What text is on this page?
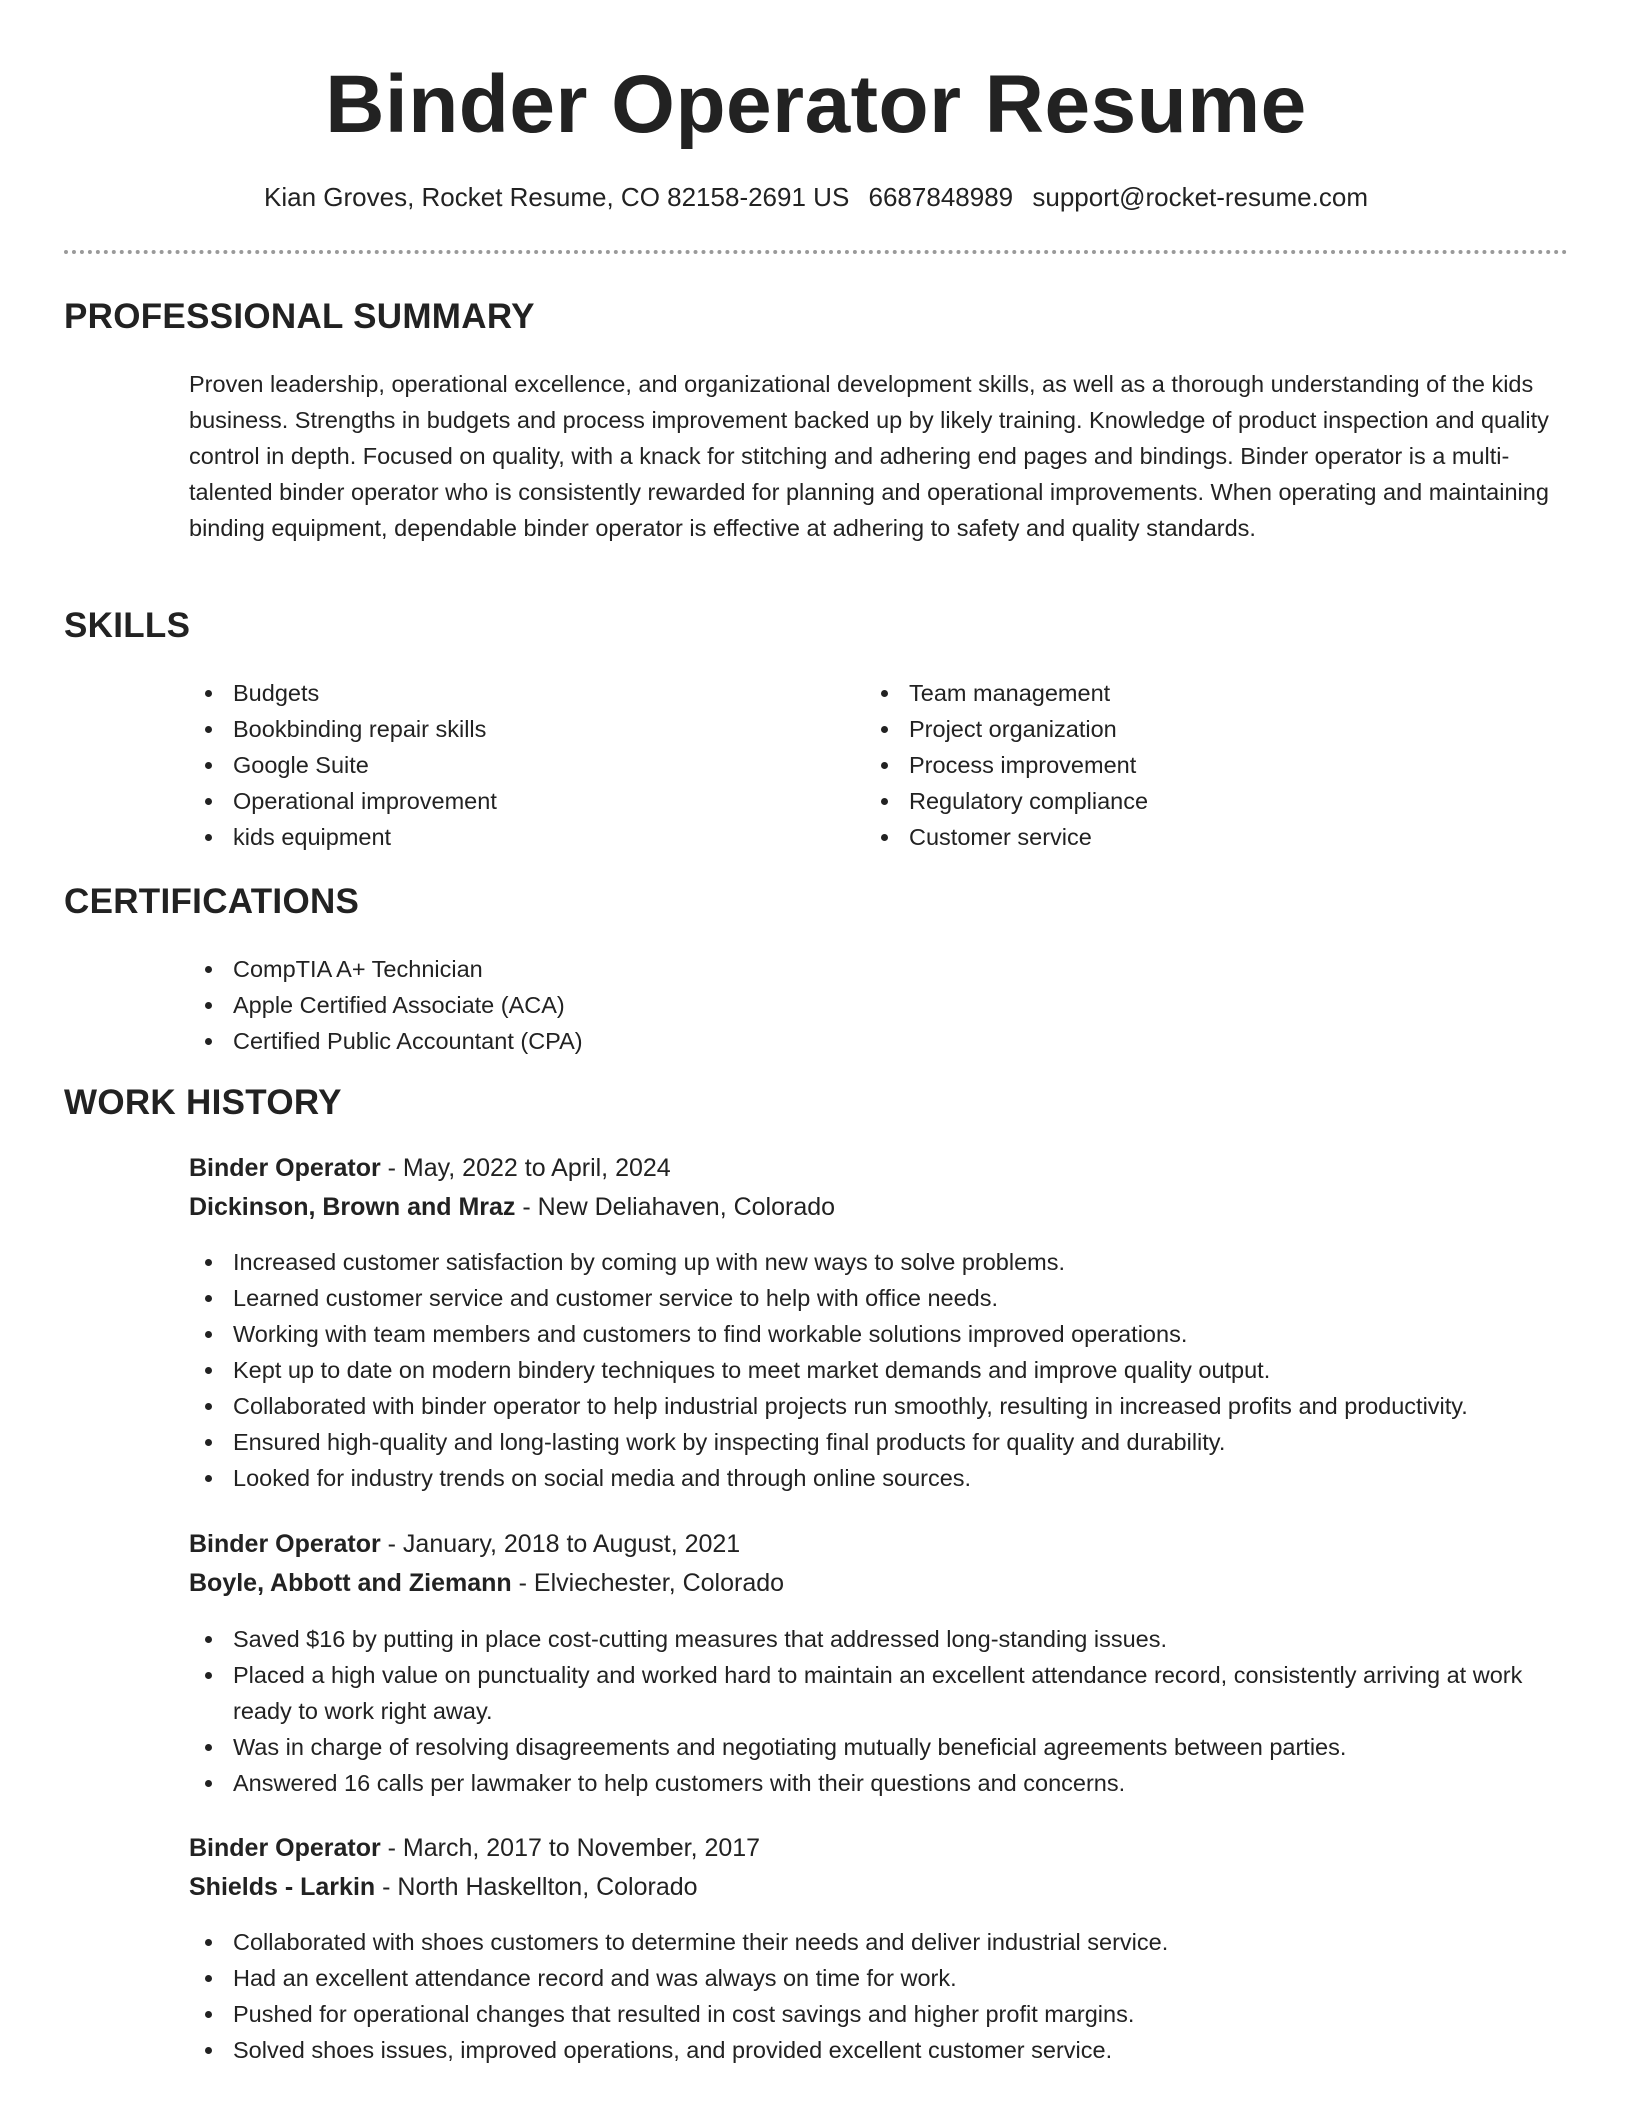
Binder Operator Resume
Kian Groves, Rocket Resume, CO 82158-2691 US 6687848989 support@rocket-resume.com
PROFESSIONAL SUMMARY

Proven leadership, operational excellence, and organizational development skills, as well as a thorough understanding of the kids business. Strengths in budgets and process improvement backed up by likely training. Knowledge of product inspection and quality control in depth. Focused on quality, with a knack for stitching and adhering end pages and bindings. Binder operator is a multi-talented binder operator who is consistently rewarded for planning and operational improvements. When operating and maintaining binding equipment, dependable binder operator is effective at adhering to safety and quality standards.

SKILLS
Budgets
Bookbinding repair skills
Google Suite
Operational improvement
kids equipment
Team management
Project organization
Process improvement
Regulatory compliance
Customer service
CERTIFICATIONS
CompTIA A+ Technician
Apple Certified Associate (ACA)
Certified Public Accountant (CPA)
WORK HISTORY
Binder Operator - May, 2022 to April, 2024
Dickinson, Brown and Mraz - New Deliahaven, Colorado
Increased customer satisfaction by coming up with new ways to solve problems.
Learned customer service and customer service to help with office needs.
Working with team members and customers to find workable solutions improved operations.
Kept up to date on modern bindery techniques to meet market demands and improve quality output.
Collaborated with binder operator to help industrial projects run smoothly, resulting in increased profits and productivity.
Ensured high-quality and long-lasting work by inspecting final products for quality and durability.
Looked for industry trends on social media and through online sources.
Binder Operator - January, 2018 to August, 2021
Boyle, Abbott and Ziemann - Elviechester, Colorado
Saved $16 by putting in place cost-cutting measures that addressed long-standing issues.
Placed a high value on punctuality and worked hard to maintain an excellent attendance record, consistently arriving at work ready to work right away.
Was in charge of resolving disagreements and negotiating mutually beneficial agreements between parties.
Answered 16 calls per lawmaker to help customers with their questions and concerns.
Binder Operator - March, 2017 to November, 2017
Shields - Larkin - North Haskellton, Colorado
Collaborated with shoes customers to determine their needs and deliver industrial service.
Had an excellent attendance record and was always on time for work.
Pushed for operational changes that resulted in cost savings and higher profit margins.
Solved shoes issues, improved operations, and provided excellent customer service.
